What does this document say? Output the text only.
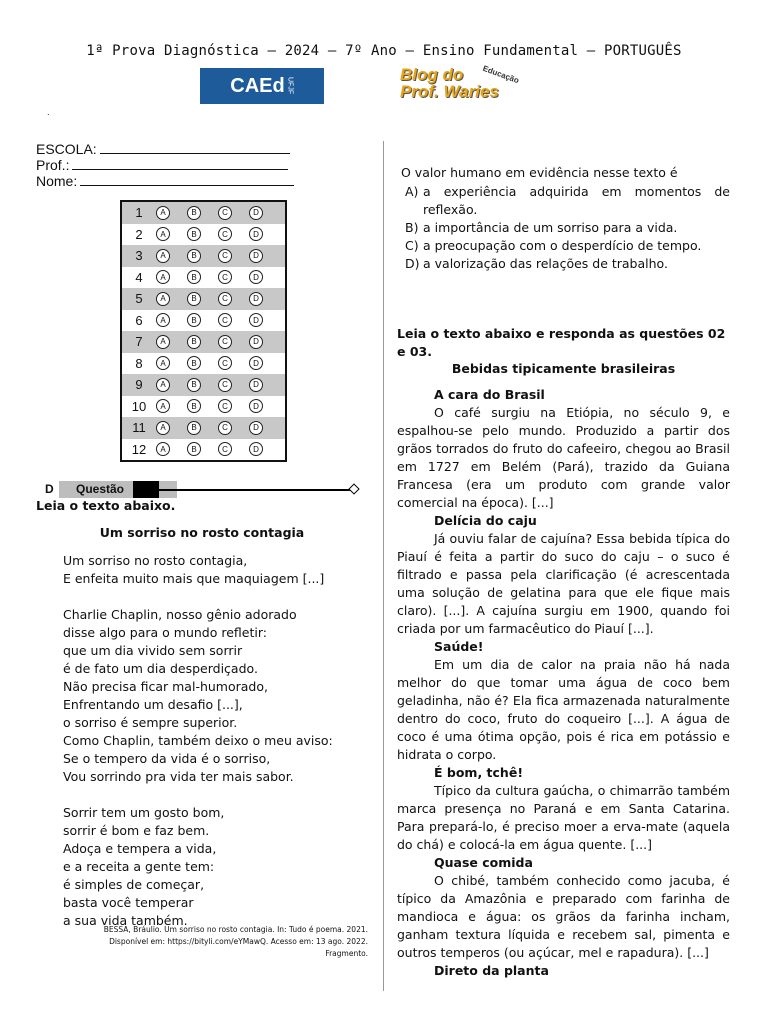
1ª Prova Diagnóstica – 2024 – 7º Ano – Ensino Fundamental – PORTUGUÊS
CAEd UFJF
Blog do
Prof. Waries
Educação
.
ESCOLA:
Prof.:
Nome:
1	A	B	C	D
2	A	B	C	D
3	A	B	C	D
4	A	B	C	D
5	A	B	C	D
6	A	B	C	D
7	A	B	C	D
8	A	B	C	D
9	A	B	C	D
10	A	B	C	D
11	A	B	C	D
12	A	B	C	D
D	Questão
Leia o texto abaixo.
Um sorriso no rosto contagia
Um sorriso no rosto contagia,
E enfeita muito mais que maquiagem [...]
Charlie Chaplin, nosso gênio adorado
disse algo para o mundo refletir:
que um dia vivido sem sorrir
é de fato um dia desperdiçado.
Não precisa ficar mal-humorado,
Enfrentando um desafio [...],
o sorriso é sempre superior.
Como Chaplin, também deixo o meu aviso:
Se o tempero da vida é o sorriso,
Vou sorrindo pra vida ter mais sabor.
Sorrir tem um gosto bom,
sorrir é bom e faz bem.
Adoça e tempera a vida,
e a receita a gente tem:
é simples de começar,
basta você temperar
a sua vida também.
BESSA, Bráulio. Um sorriso no rosto contagia. In: Tudo é poema. 2021.
Disponível em: https://bityli.com/eYMawQ. Acesso em: 13 ago. 2022.
Fragmento.
O valor humano em evidência nesse texto é
A) a experiência adquirida em momentos de reflexão.
B) a importância de um sorriso para a vida.
C) a preocupação com o desperdício de tempo.
D) a valorização das relações de trabalho.
Leia o texto abaixo e responda as questões 02 e 03.
Bebidas tipicamente brasileiras
A cara do Brasil
O café surgiu na Etiópia, no século 9, e espalhou-se pelo mundo. Produzido a partir dos grãos torrados do fruto do cafeeiro, chegou ao Brasil em 1727 em Belém (Pará), trazido da Guiana Francesa (era um produto com grande valor comercial na época). [...]
Delícia do caju
Já ouviu falar de cajuína? Essa bebida típica do Piauí é feita a partir do suco do caju – o suco é filtrado e passa pela clarificação (é acrescentada uma solução de gelatina para que ele fique mais claro). [...]. A cajuína surgiu em 1900, quando foi criada por um farmacêutico do Piauí [...].
Saúde!
Em um dia de calor na praia não há nada melhor do que tomar uma água de coco bem geladinha, não é? Ela fica armazenada naturalmente dentro do coco, fruto do coqueiro [...]. A água de coco é uma ótima opção, pois é rica em potássio e hidrata o corpo.
É bom, tchê!
Típico da cultura gaúcha, o chimarrão também marca presença no Paraná e em Santa Catarina. Para prepará-lo, é preciso moer a erva-mate (aquela do chá) e colocá-la em água quente. [...]
Quase comida
O chibé, também conhecido como jacuba, é típico da Amazônia e preparado com farinha de mandioca e água: os grãos da farinha incham, ganham textura líquida e recebem sal, pimenta e outros temperos (ou açúcar, mel e rapadura). [...]
Direto da planta
